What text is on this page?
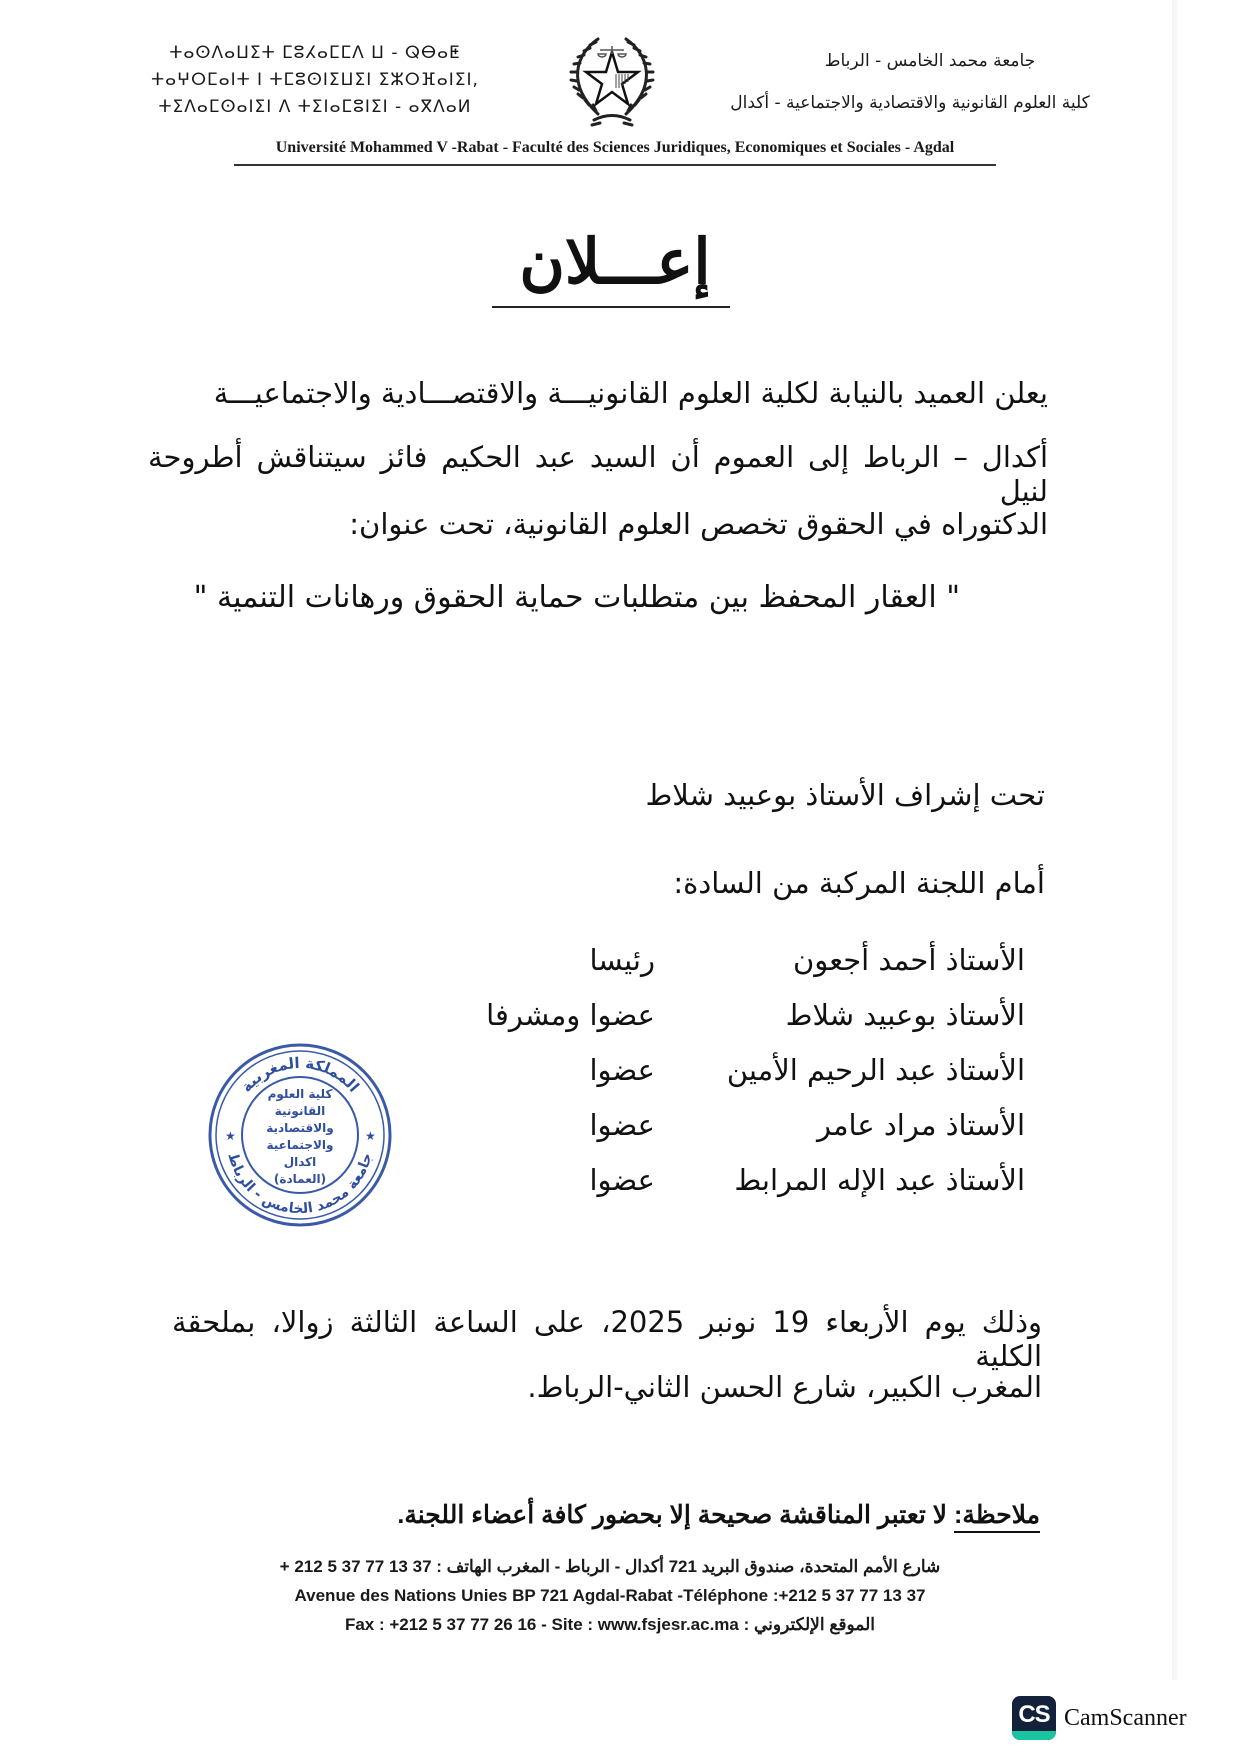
ⵜⴰⵙⴷⴰⵡⵉⵜ ⵎⵓⵃⴰⵎⵎⴷ ⵡ - ⵕⴱⴰⵟ
ⵜⴰⵖⵔⵎⴰⵏⵜ ⵏ ⵜⵎⵓⵙⵏⵉⵡⵉⵏ ⵉⵣⵔⴼⴰⵏⵉⵏ,
ⵜⵉⴷⴰⵎⵙⴰⵏⵉⵏ ⴷ ⵜⵉⵏⴰⵎⵓⵏⵉⵏ - ⴰⴳⴷⴰⵍ
جامعة محمد الخامس - الرباط
كلية العلوم القانونية والاقتصادية والاجتماعية - أكدال
Université Mohammed V -Rabat - Faculté des Sciences Juridiques, Economiques et Sociales - Agdal
إعـــلان
يعلن العميد بالنيابة لكلية العلوم القانونيـــة والاقتصـــادية والاجتماعيـــة
أكدال – الرباط إلى العموم أن السيد عبد الحكيم فائز سيتناقش أطروحة لنيل
الدكتوراه في الحقوق تخصص العلوم القانونية، تحت عنوان:
" العقار المحفظ بين متطلبات حماية الحقوق ورهانات التنمية "
تحت إشراف الأستاذ بوعبيد شلاط
أمام اللجنة المركبة من السادة:
الأستاذ أحمد أجعون
رئيسا
الأستاذ بوعبيد شلاط
عضوا ومشرفا
الأستاذ عبد الرحيم الأمين
عضوا
الأستاذ مراد عامر
عضوا
الأستاذ عبد الإله المرابط
عضوا
المملكة المغربية
جامعة محمد الخامس - الرباط
★	★
كلية العلوم
القانونية
والاقتصادية
والاجتماعية
اكدال
(العمادة)
وذلك يوم الأربعاء 19 نونبر 2025، على الساعة الثالثة زوالا، بملحقة الكلية
المغرب الكبير، شارع الحسن الثاني-الرباط.
ملاحظة: لا تعتبر المناقشة صحيحة إلا بحضور كافة أعضاء اللجنة.
شارع الأمم المتحدة، صندوق البريد 721 أكدال - الرباط - المغرب الهاتف : 37 13 77 37 5 212 +
Avenue des Nations Unies BP 721 Agdal-Rabat -Téléphone :+212 5 37 77 13 37
Fax : +212 5 37 77 26 16 - Site : www.fsjesr.ac.ma : الموقع الإلكتروني
CS CamScanner
